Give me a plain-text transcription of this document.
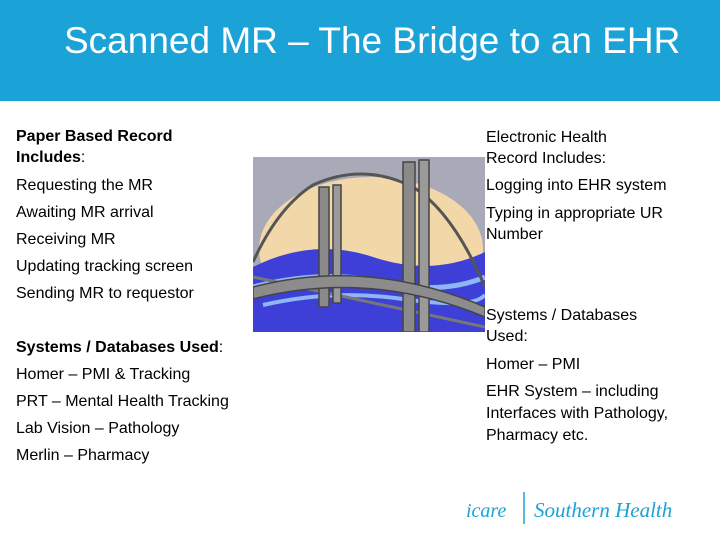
Scanned MR – The Bridge to an EHR
Paper Based Record
Includes:
Requesting the MR
Awaiting MR arrival
Receiving MR
Updating tracking screen
Sending MR to requestor
Systems / Databases Used:
Homer – PMI & Tracking
PRT – Mental Health Tracking
Lab Vision – Pathology
Merlin – Pharmacy
Electronic Health
Record Includes:
Logging into EHR system
Typing in appropriate UR
Number
Systems / Databases
Used:
Homer – PMI
EHR System – including
Interfaces with Pathology,
Pharmacy etc.
icare Southern Health
